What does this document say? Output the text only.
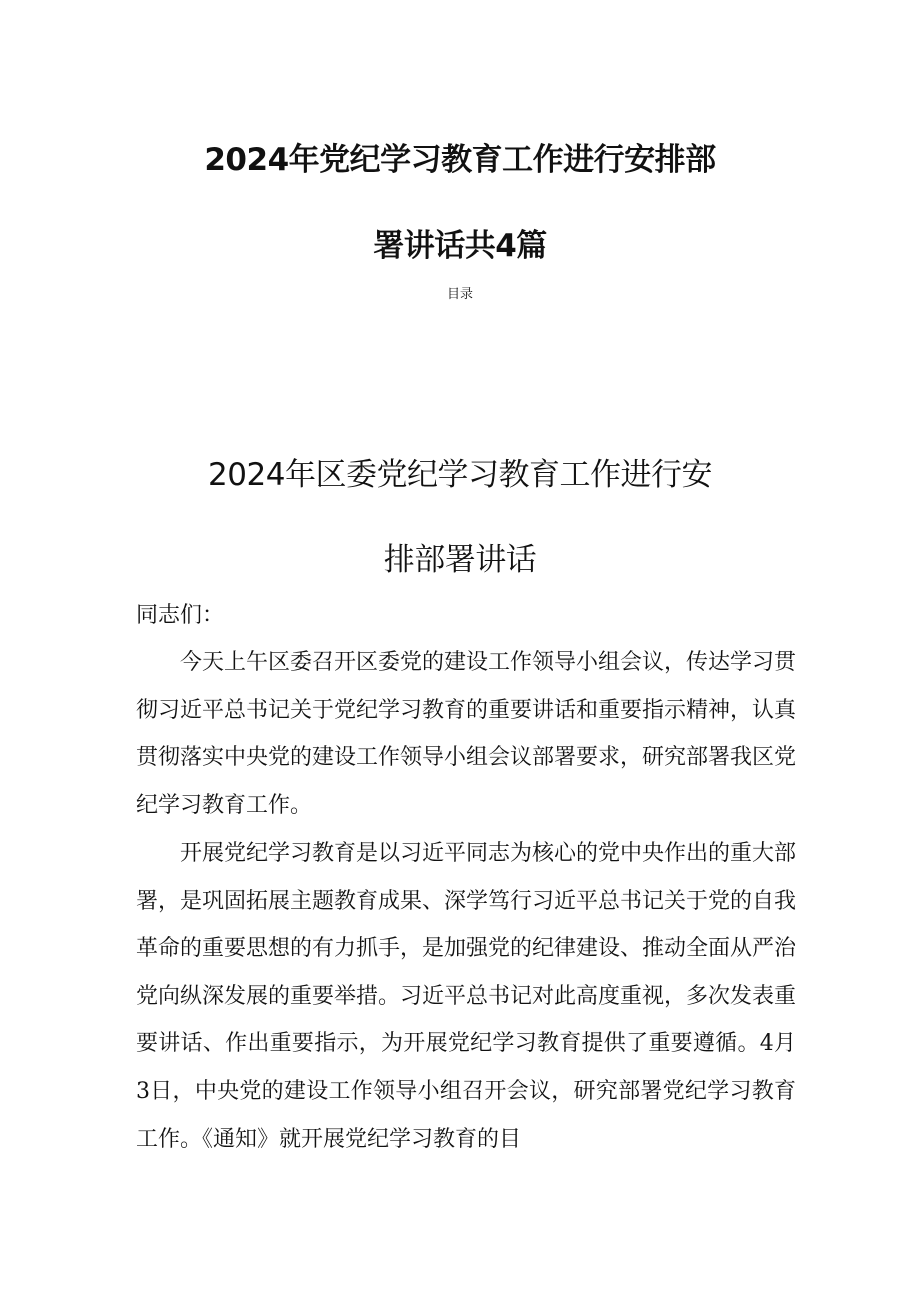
2024年党纪学习教育工作进行安排部
署讲话共4篇
目录
2024年区委党纪学习教育工作进行安
排部署讲话

同志们：

今天上午区委召开区委党的建设工作领导小组会议，传达学习贯彻习近平总书记关于党纪学习教育的重要讲话和重要指示精神，认真贯彻落实中央党的建设工作领导小组会议部署要求，研究部署我区党纪学习教育工作。

开展党纪学习教育是以习近平同志为核心的党中央作出的重大部署，是巩固拓展主题教育成果、深学笃行习近平总书记关于党的自我革命的重要思想的有力抓手，是加强党的纪律建设、推动全面从严治党向纵深发展的重要举措。习近平总书记对此高度重视，多次发表重要讲话、作出重要指示，为开展党纪学习教育提供了重要遵循。4月3日，中央党的建设工作领导小组召开会议，研究部署党纪学习教育工作。《通知》就开展党纪学习教育的目
